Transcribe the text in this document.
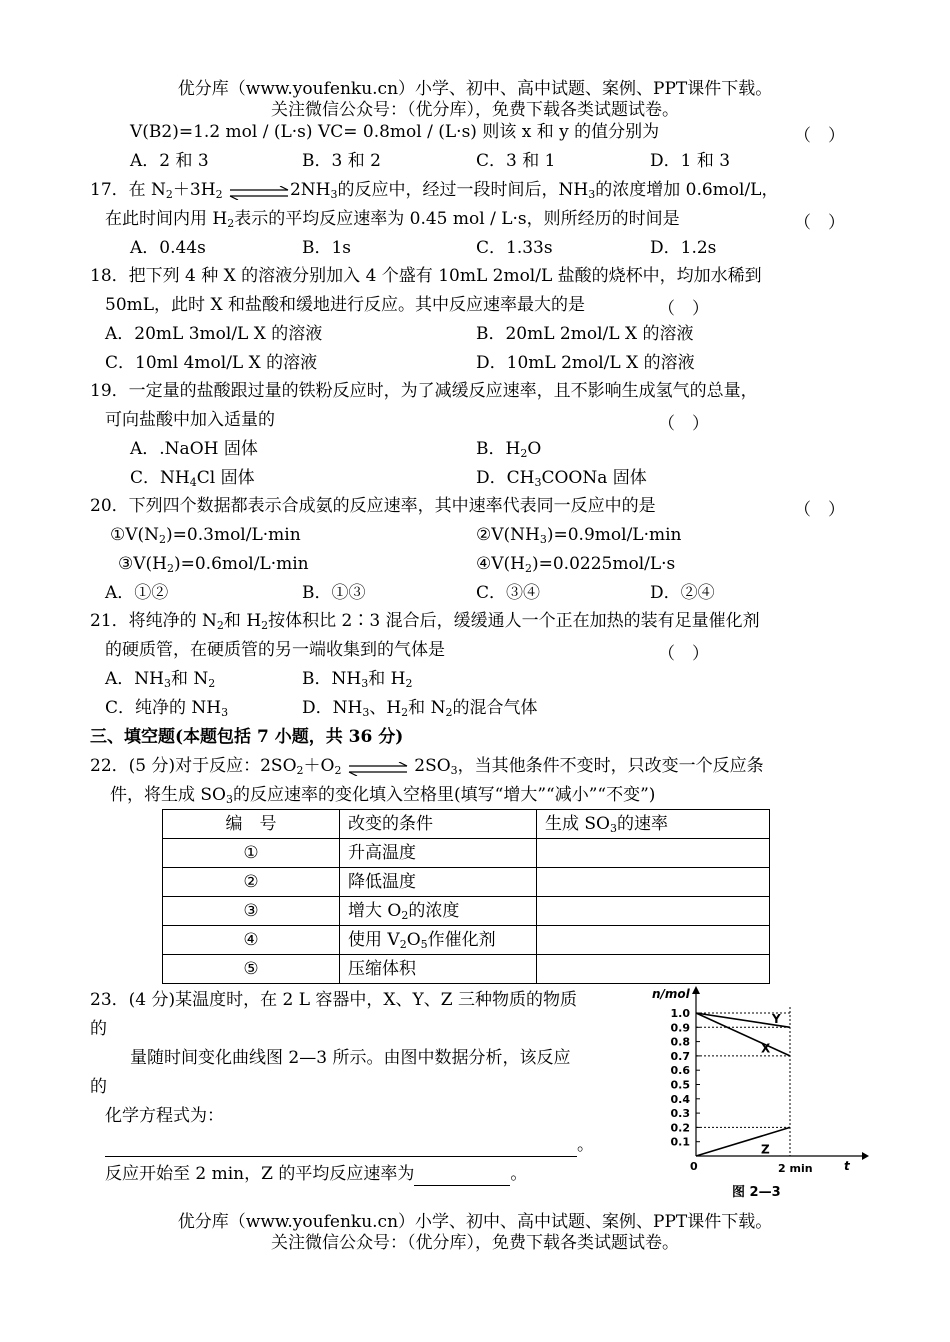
优分库（www.youfenku.cn）小学、初中、高中试题、案例、PPT课件下载。
关注微信公众号：（优分库），免费下载各类试题试卷。
V(B2)=1.2 mol / (L·s) VC= 0.8mol / (L·s) 则该 x 和 y 的值分别为	（　）
A．2 和 3	B．3 和 2	C．3 和 1	D．1 和 3
17．在 $N_2+3H_2$ $\rightleftharpoons 2NH_3$的反应中，经过一段时间后，$NH_3$的浓度增加 0.6mol/L，
在此时间内用 $H_2$表示的平均反应速率为 0.45 mol / L·s，则所经历的时间是	（　）
A．0.44s	B．1s	C．1.33s	D．1.2s
18．把下列 4 种 X 的溶液分别加入 4 个盛有 10mL 2mol/L 盐酸的烧杯中，均加水稀到
50mL，此时 X 和盐酸和缓地进行反应。其中反应速率最大的是	（　）
A．20mL 3mol/L X 的溶液	B．20mL 2mol/L X 的溶液
C．10ml 4mol/L X 的溶液	D．10mL 2mol/L X 的溶液
19．一定量的盐酸跟过量的铁粉反应时，为了减缓反应速率，且不影响生成氢气的总量，
可向盐酸中加入适量的	（　）
A．.NaOH 固体	B．$H_2O$
C．$NH_4Cl$ 固体	D．$CH_3COONa$ 固体
20．下列四个数据都表示合成氨的反应速率，其中速率代表同一反应中的是	（　）
$①V(N_2)=0.3mol/L\cdot\min$	$②V(NH_3)=0.9mol/L\cdot\min$
$③V(H_2)=0.6mol/L\cdot\min$	$④V(H_2)=0.0225mol/L\cdot s$
A．①②	B．①③	C．③④	D．②④
21．将纯净的 $N_2$和 $H_2$按体积比 2∶3 混合后，缓缓通人一个正在加热的装有足量催化剂
的硬质管，在硬质管的另一端收集到的气体是	（　）
A．$NH_3$和 $N_2$	B．$NH_3$和 $H_2$
C．纯净的 $NH_3$	D．$NH_3$、$H_2$和 $N_2$的混合气体
三、填空题(本题包括 7 小题，共 36 分)
22．(5 分)对于反应：$2SO_2+O_2$ ⇌ $2SO_3$，当其他条件不变时，只改变一个反应条
件，将生成 $SO_3$的反应速率的变化填入空格里(填写“增大”“减小”“不变”)
编　号	改变的条件	生成 $SO_3$的速率
①	升高温度	
②	降低温度	
③	增大 $O_2$的浓度	
④	使用 $V_2O_5$作催化剂	
⑤	压缩体积	
23．(4 分)某温度时，在 2 L 容器中，X、Y、Z 三种物质的物质
的
量随时间变化曲线图 2—3 所示。由图中数据分析，该反应
的
化学方程式为：
。
反应开始至 2 min，Z 的平均反应速率为	。
n/mol
t
1.0
0.9
0.8
0.7
0.6
0.5
0.4
0.3
0.2
0.1
Y
X
Z
0	2 min
图 2—3
优分库（www.youfenku.cn）小学、初中、高中试题、案例、PPT课件下载。
关注微信公众号：（优分库），免费下载各类试题试卷。
